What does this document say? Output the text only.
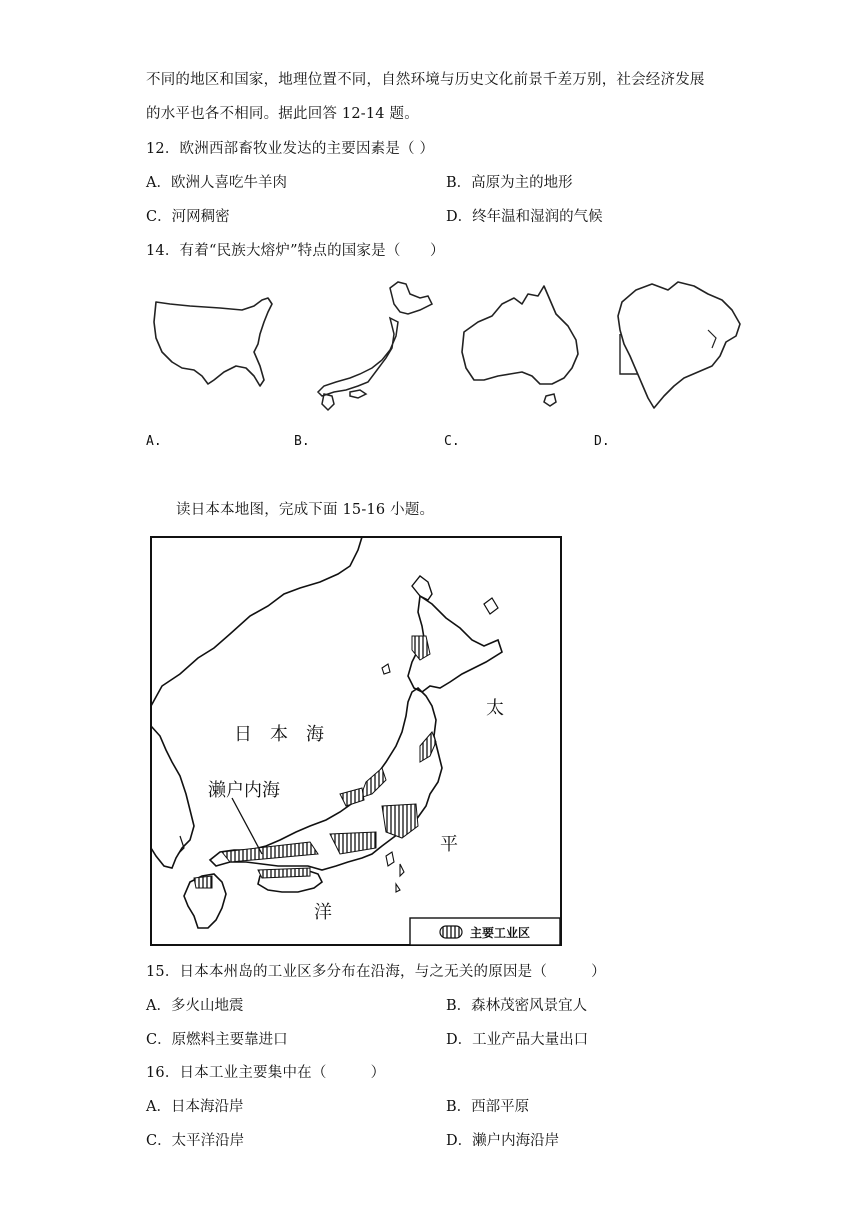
不同的地区和国家，地理位置不同，自然环境与历史文化前景千差万别，社会经济发展
的水平也各不相同。据此回答 12-14 题。
12．欧洲西部畜牧业发达的主要因素是（ ）
A．欧洲人喜吃牛羊肉	B．高原为主的地形
C．河网稠密	D．终年温和湿润的气候
14．有着“民族大熔炉”特点的国家是（　　）
A.	B.	C.	D.
读日本本地图，完成下面 15-16 小题。
日　本　海
濑户内海
太
平
洋
主要工业区
15．日本本州岛的工业区多分布在沿海，与之无关的原因是（　　　）
A．多火山地震	B．森林茂密风景宜人
C．原燃料主要靠进口	D．工业产品大量出口
16．日本工业主要集中在（　　　）
A．日本海沿岸	B．西部平原
C．太平洋沿岸	D．濑户内海沿岸
